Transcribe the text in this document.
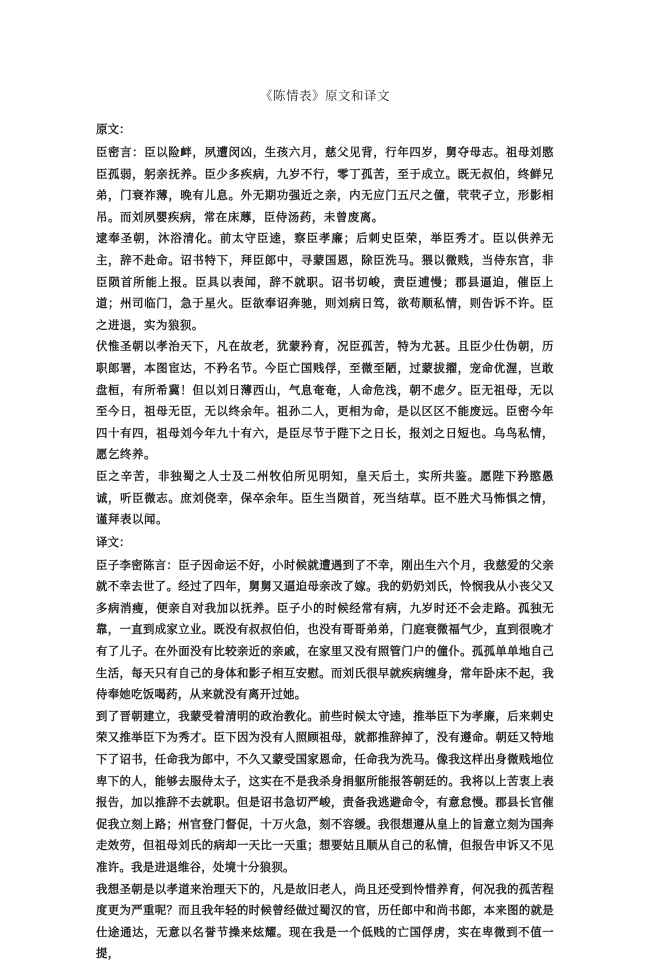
《陈情表》原文和译文
原文：

臣密言：臣以险衅，夙遭闵凶，生孩六月，慈父见背，行年四岁，舅夺母志。祖母刘愍臣孤弱，躬亲抚养。臣少多疾病，九岁不行，零丁孤苦，至于成立。既无叔伯，终鲜兄弟，门衰祚薄，晚有儿息。外无期功强近之亲，内无应门五尺之僮，茕茕孑立，形影相吊。而刘夙婴疾病，常在床蓐，臣侍汤药，未曾废离。

逮奉圣朝，沐浴清化。前太守臣逵，察臣孝廉；后刺史臣荣，举臣秀才。臣以供养无主，辞不赴命。诏书特下，拜臣郎中，寻蒙国恩，除臣洗马。猥以微贱，当侍东宫，非臣陨首所能上报。臣具以表闻，辞不就职。诏书切峻，责臣逋慢；郡县逼迫，催臣上道；州司临门，急于星火。臣欲奉诏奔驰，则刘病日笃，欲苟顺私情，则告诉不许。臣之进退，实为狼狈。

伏惟圣朝以孝治天下，凡在故老，犹蒙矜育，况臣孤苦，特为尤甚。且臣少仕伪朝，历职郎署，本图宦达，不矜名节。今臣亡国贱俘，至微至陋，过蒙拔擢，宠命优渥，岂敢盘桓，有所希冀！但以刘日薄西山，气息奄奄，人命危浅，朝不虑夕。臣无祖母，无以至今日，祖母无臣，无以终余年。祖孙二人，更相为命，是以区区不能废远。臣密今年四十有四，祖母刘今年九十有六，是臣尽节于陛下之日长，报刘之日短也。乌鸟私情，愿乞终养。

臣之辛苦，非独蜀之人士及二州牧伯所见明知，皇天后土，实所共鉴。愿陛下矜愍愚诚，听臣微志。庶刘侥幸，保卒余年。臣生当陨首，死当结草。臣不胜犬马怖惧之情，谨拜表以闻。

译文：

臣子李密陈言：臣子因命运不好，小时候就遭遇到了不幸，刚出生六个月，我慈爱的父亲就不幸去世了。经过了四年，舅舅又逼迫母亲改了嫁。我的奶奶刘氏，怜悯我从小丧父又多病消瘦，便亲自对我加以抚养。臣子小的时候经常有病，九岁时还不会走路。孤独无靠，一直到成家立业。既没有叔叔伯伯，也没有哥哥弟弟，门庭衰微福气少，直到很晚才有了儿子。在外面没有比较亲近的亲戚，在家里又没有照管门户的僮仆。孤孤单单地自己生活，每天只有自己的身体和影子相互安慰。而刘氏很早就疾病缠身，常年卧床不起，我侍奉她吃饭喝药，从来就没有离开过她。

到了晋朝建立，我蒙受着清明的政治教化。前些时候太守逵，推举臣下为孝廉，后来刺史荣又推举臣下为秀才。臣下因为没有人照顾祖母，就都推辞掉了，没有遵命。朝廷又特地下了诏书，任命我为郎中，不久又蒙受国家恩命，任命我为洗马。像我这样出身微贱地位卑下的人，能够去服侍太子，这实在不是我杀身捐躯所能报答朝廷的。我将以上苦衷上表报告，加以推辞不去就职。但是诏书急切严峻，责备我逃避命令，有意怠慢。郡县长官催促我立刻上路；州官登门督促，十万火急，刻不容缓。我很想遵从皇上的旨意立刻为国奔走效劳，但祖母刘氏的病却一天比一天重；想要姑且顺从自己的私情，但报告申诉又不见准许。我是进退维谷，处境十分狼狈。

我想圣朝是以孝道来治理天下的，凡是故旧老人，尚且还受到怜惜养育，何况我的孤苦程度更为严重呢？而且我年轻的时候曾经做过蜀汉的官，历任郎中和尚书郎，本来图的就是仕途通达，无意以名誉节操来炫耀。现在我是一个低贱的亡国俘虏，实在卑微到不值一提，
